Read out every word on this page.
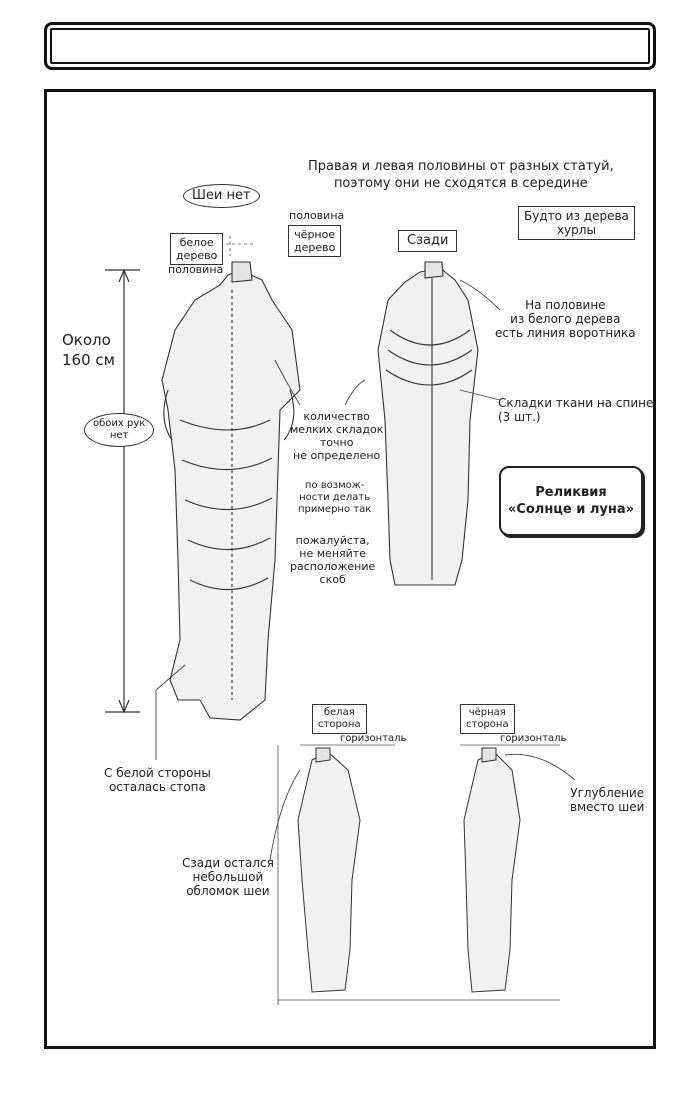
Правая и левая половины от разных статуй,
поэтому они не сходятся в середине
Шеи нет
половина
чёрное
дерево
белое
дерево
половина
Сзади
Будто из дерева
хурлы
Около
160 см
обоих рук
нет
На половине
из белого дерева
есть линия воротника
количество
мелких складок
точно
не определено
Складки ткани на спине
(3 шт.)
по возмож-
ности делать
примерно так
пожалуйста,
не меняйте
расположение
скоб
Реликвия
«Солнце и луна»
белая
сторона
чёрная
сторона
горизонталь	горизонталь
С белой стороны
осталась стопа	Углубление
вместо шеи
Сзади остался
небольшой
обломок шеи
